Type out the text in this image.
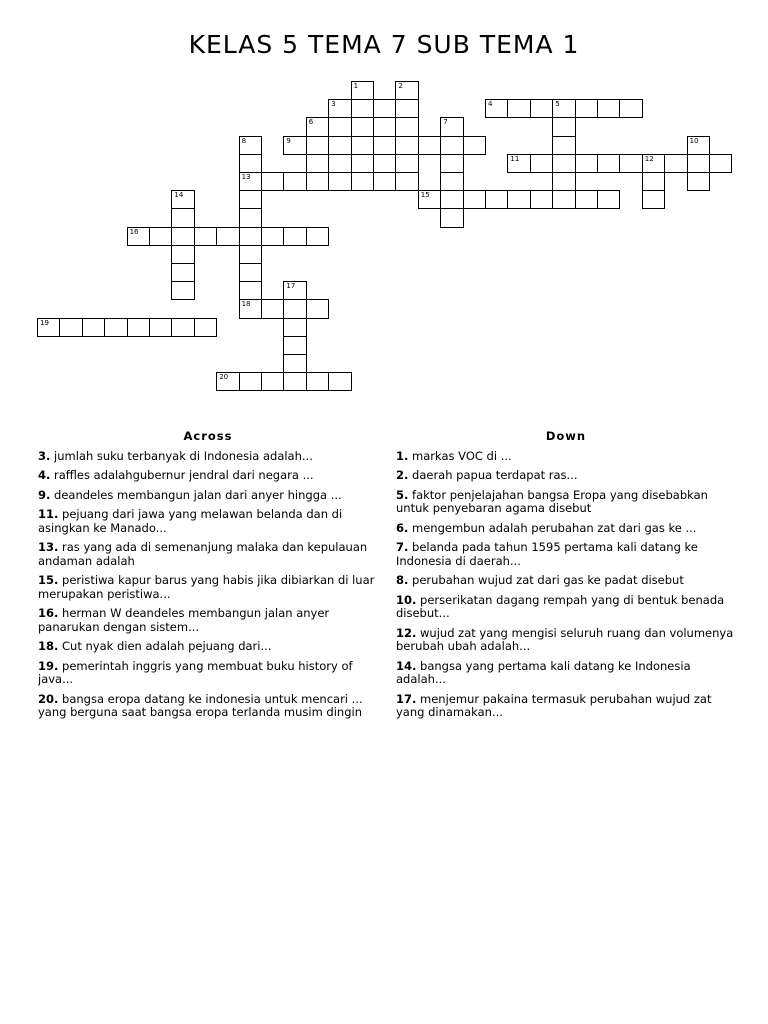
KELAS 5 TEMA 7 SUB TEMA 1
1	2
3	4	5
6	7
8
13
18
9	10
11	12
14	15
16
17
19
20
Across

3. jumlah suku terbanyak di Indonesia adalah...

4. raffles adalahgubernur jendral dari negara ...

9. deandeles membangun jalan dari anyer hingga ...

11. pejuang dari jawa yang melawan belanda dan di asingkan ke Manado...

13. ras yang ada di semenanjung malaka dan kepulauan andaman adalah

15. peristiwa kapur barus yang habis jika dibiarkan di luar merupakan peristiwa...

16. herman W deandeles membangun jalan anyer panarukan dengan sistem...

18. Cut nyak dien adalah pejuang dari...

19. pemerintah inggris yang membuat buku history of java...

20. bangsa eropa datang ke indonesia untuk mencari ... yang berguna saat bangsa eropa terlanda musim dingin

Down

1. markas VOC di ...

2. daerah papua terdapat ras...

5. faktor penjelajahan bangsa Eropa yang disebabkan untuk penyebaran agama disebut

6. mengembun adalah perubahan zat dari gas ke ...

7. belanda pada tahun 1595 pertama kali datang ke Indonesia di daerah...

8. perubahan wujud zat dari gas ke padat disebut

10. perserikatan dagang rempah yang di bentuk benada disebut...

12. wujud zat yang mengisi seluruh ruang dan volumenya berubah ubah adalah...

14. bangsa yang pertama kali datang ke Indonesia adalah...

17. menjemur pakaina termasuk perubahan wujud zat yang dinamakan...
